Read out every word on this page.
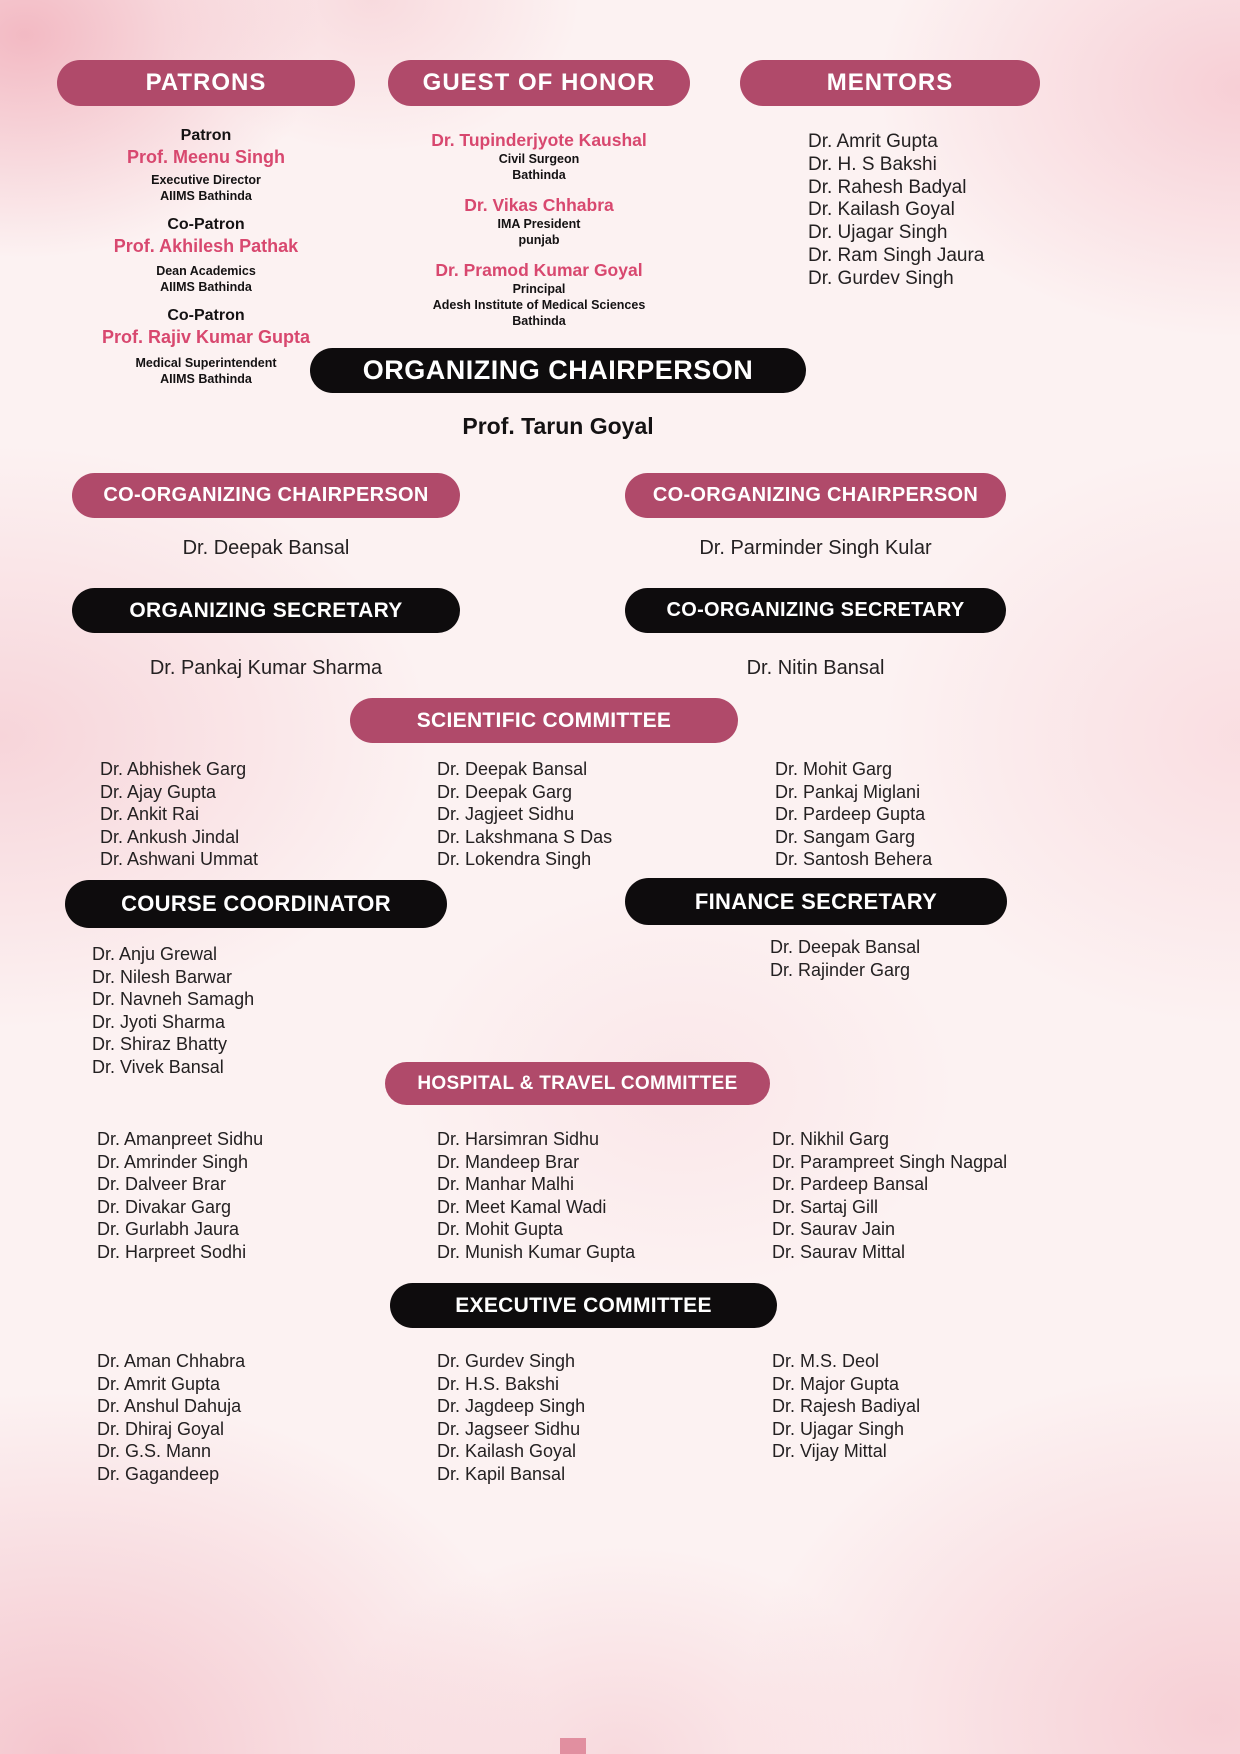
PATRONS	GUEST OF HONOR	MENTORS
Patron
Prof. Meenu Singh
Executive Director
AIIMS Bathinda
Co-Patron
Prof. Akhilesh Pathak
Dean Academics
AIIMS Bathinda
Co-Patron
Prof. Rajiv Kumar Gupta
Medical Superintendent
AIIMS Bathinda
Dr. Tupinderjyote Kaushal
Civil Surgeon
Bathinda
Dr. Vikas Chhabra
IMA President
punjab
Dr. Pramod Kumar Goyal
Principal
Adesh Institute of Medical Sciences
Bathinda
Dr. Amrit Gupta
Dr. H. S Bakshi
Dr. Rahesh Badyal
Dr. Kailash Goyal
Dr. Ujagar Singh
Dr. Ram Singh Jaura
Dr. Gurdev Singh
ORGANIZING CHAIRPERSON
Prof. Tarun Goyal
CO-ORGANIZING CHAIRPERSON	CO-ORGANIZING CHAIRPERSON
Dr. Deepak Bansal	Dr. Parminder Singh Kular
ORGANIZING SECRETARY	CO-ORGANIZING SECRETARY
Dr. Pankaj Kumar Sharma	Dr. Nitin Bansal
SCIENTIFIC COMMITTEE
Dr. Abhishek Garg
Dr. Ajay Gupta
Dr. Ankit Rai
Dr. Ankush Jindal
Dr. Ashwani Ummat
Dr. Deepak Bansal
Dr. Deepak Garg
Dr. Jagjeet Sidhu
Dr. Lakshmana S Das
Dr. Lokendra Singh
Dr. Mohit Garg
Dr. Pankaj Miglani
Dr. Pardeep Gupta
Dr. Sangam Garg
Dr. Santosh Behera
COURSE COORDINATOR
Dr. Anju Grewal
Dr. Nilesh Barwar
Dr. Navneh Samagh
Dr. Jyoti Sharma
Dr. Shiraz Bhatty
Dr. Vivek Bansal
FINANCE SECRETARY
Dr. Deepak Bansal
Dr. Rajinder Garg
HOSPITAL & TRAVEL COMMITTEE
Dr. Amanpreet Sidhu
Dr. Amrinder Singh
Dr. Dalveer Brar
Dr. Divakar Garg
Dr. Gurlabh Jaura
Dr. Harpreet Sodhi
Dr. Harsimran Sidhu
Dr. Mandeep Brar
Dr. Manhar Malhi
Dr. Meet Kamal Wadi
Dr. Mohit Gupta
Dr. Munish Kumar Gupta
Dr. Nikhil Garg
Dr. Parampreet Singh Nagpal
Dr. Pardeep Bansal
Dr. Sartaj Gill
Dr. Saurav Jain
Dr. Saurav Mittal
EXECUTIVE COMMITTEE
Dr. Aman Chhabra
Dr. Amrit Gupta
Dr. Anshul Dahuja
Dr. Dhiraj Goyal
Dr. G.S. Mann
Dr. Gagandeep
Dr. Gurdev Singh
Dr. H.S. Bakshi
Dr. Jagdeep Singh
Dr. Jagseer Sidhu
Dr. Kailash Goyal
Dr. Kapil Bansal
Dr. M.S. Deol
Dr. Major Gupta
Dr. Rajesh Badiyal
Dr. Ujagar Singh
Dr. Vijay Mittal
